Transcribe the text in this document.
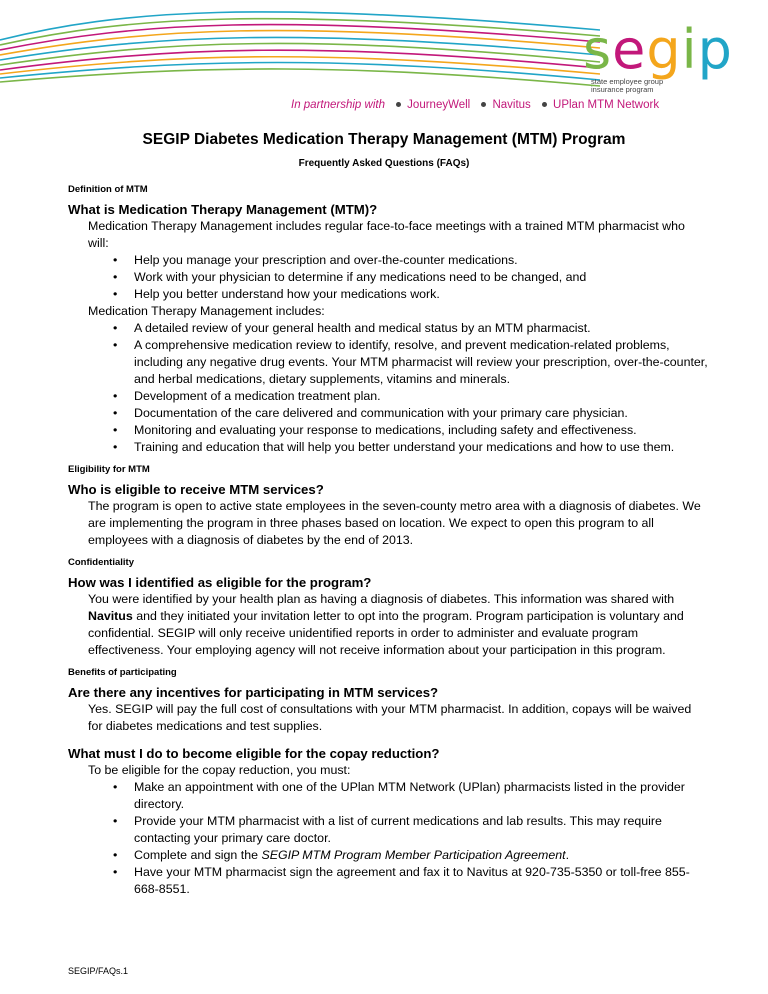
segip
state employee group insurance program
In partnership with JourneyWell Navitus UPlan MTM Network
SEGIP Diabetes Medication Therapy Management (MTM) Program
Frequently Asked Questions (FAQs)
Definition of MTM
What is Medication Therapy Management (MTM)?
Medication Therapy Management includes regular face-to-face meetings with a trained MTM pharmacist who will:
• Help you manage your prescription and over-the-counter medications.
• Work with your physician to determine if any medications need to be changed, and
• Help you better understand how your medications work.
Medication Therapy Management includes:
• A detailed review of your general health and medical status by an MTM pharmacist.
• A comprehensive medication review to identify, resolve, and prevent medication-related problems, including any negative drug events. Your MTM pharmacist will review your prescription, over-the-counter, and herbal medications, dietary supplements, vitamins and minerals.
• Development of a medication treatment plan.
• Documentation of the care delivered and communication with your primary care physician.
• Monitoring and evaluating your response to medications, including safety and effectiveness.
• Training and education that will help you better understand your medications and how to use them.
Eligibility for MTM
Who is eligible to receive MTM services?
The program is open to active state employees in the seven-county metro area with a diagnosis of diabetes. We are implementing the program in three phases based on location. We expect to open this program to all employees with a diagnosis of diabetes by the end of 2013.
Confidentiality
How was I identified as eligible for the program?
You were identified by your health plan as having a diagnosis of diabetes. This information was shared with Navitus and they initiated your invitation letter to opt into the program. Program participation is voluntary and confidential. SEGIP will only receive unidentified reports in order to administer and evaluate program effectiveness. Your employing agency will not receive information about your participation in this program.
Benefits of participating
Are there any incentives for participating in MTM services?
Yes. SEGIP will pay the full cost of consultations with your MTM pharmacist. In addition, copays will be waived for diabetes medications and test supplies.
What must I do to become eligible for the copay reduction?
To be eligible for the copay reduction, you must:
• Make an appointment with one of the UPlan MTM Network (UPlan) pharmacists listed in the provider directory.
• Provide your MTM pharmacist with a list of current medications and lab results. This may require contacting your primary care doctor.
• Complete and sign the SEGIP MTM Program Member Participation Agreement.
• Have your MTM pharmacist sign the agreement and fax it to Navitus at 920-735-5350 or toll-free 855-668-8551.
SEGIP/FAQs.1
